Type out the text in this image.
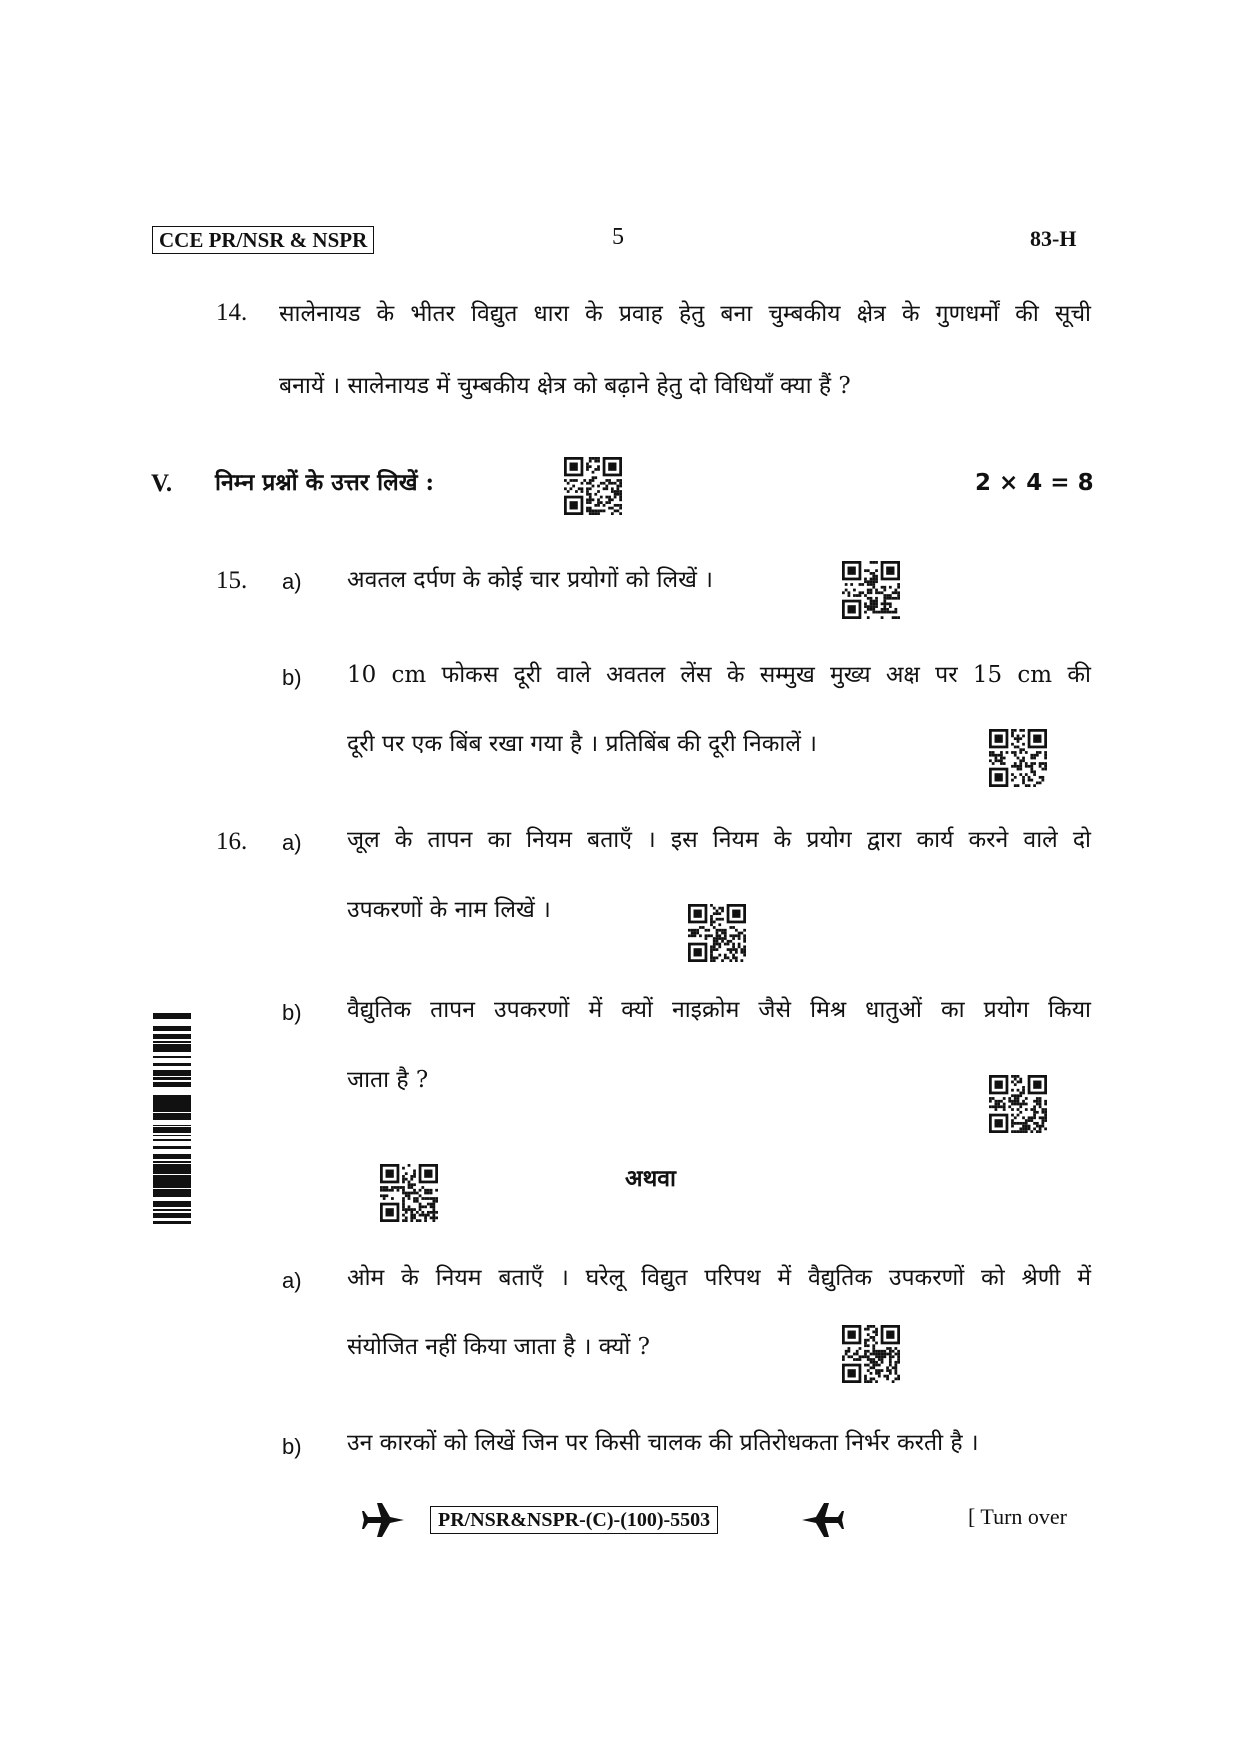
CCE PR/NSR & NSPR	5	83-H
14. सालेनायड के भीतर विद्युत धारा के प्रवाह हेतु बना चुम्बकीय क्षेत्र के गुणधर्मों की सूची
बनायें । सालेनायड में चुम्बकीय क्षेत्र को बढ़ाने हेतु दो विधियाँ क्या हैं ?
V. निम्न प्रश्नों के उत्तर लिखें :	2 × 4 = 8
15. a) अवतल दर्पण के कोई चार प्रयोगों को लिखें ।
b) 10 cm फोकस दूरी वाले अवतल लेंस के सम्मुख मुख्य अक्ष पर 15 cm की
दूरी पर एक बिंब रखा गया है । प्रतिबिंब की दूरी निकालें ।
16. a) जूल के तापन का नियम बताएँ । इस नियम के प्रयोग द्वारा कार्य करने वाले दो
उपकरणों के नाम लिखें ।
b) वैद्युतिक तापन उपकरणों में क्यों नाइक्रोम जैसे मिश्र धातुओं का प्रयोग किया
जाता है ?
अथवा
a) ओम के नियम बताएँ । घरेलू विद्युत परिपथ में वैद्युतिक उपकरणों को श्रेणी में
संयोजित नहीं किया जाता है । क्यों ?
b) उन कारकों को लिखें जिन पर किसी चालक की प्रतिरोधकता निर्भर करती है ।
PR/NSR&NSPR-(C)-(100)-5503	[ Turn over
